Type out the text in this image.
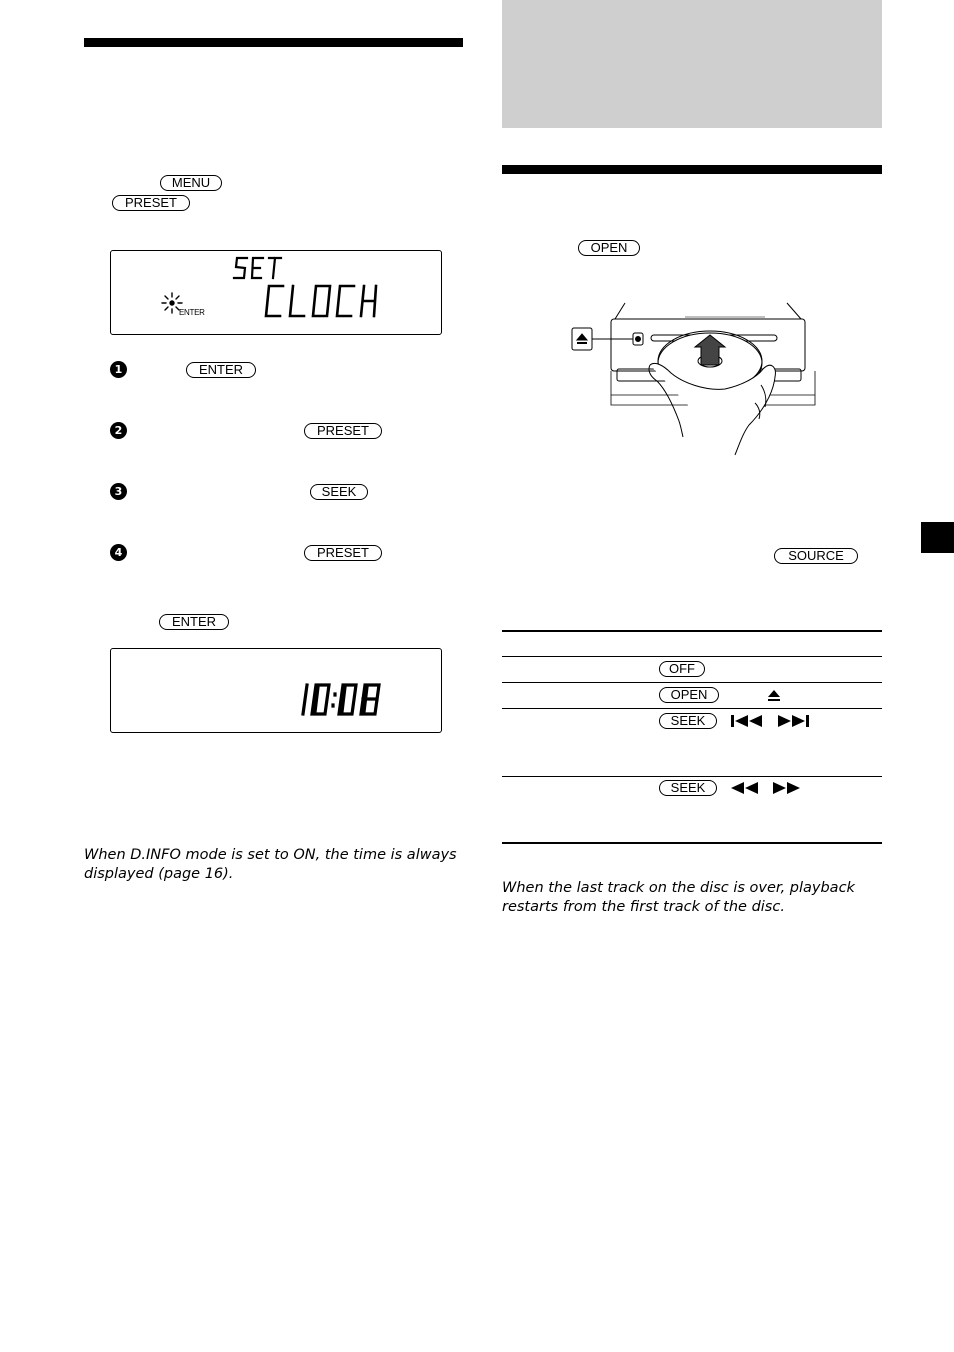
MENU
PRESET
ENTER
1	ENTER
2	PRESET
3	SEEK
4	PRESET
ENTER
When D.INFO mode is set to ON, the time is always displayed (page 16).
OPEN
SOURCE
OFF
OPEN
SEEK
SEEK
When the last track on the disc is over, playback restarts from the first track of the disc.
